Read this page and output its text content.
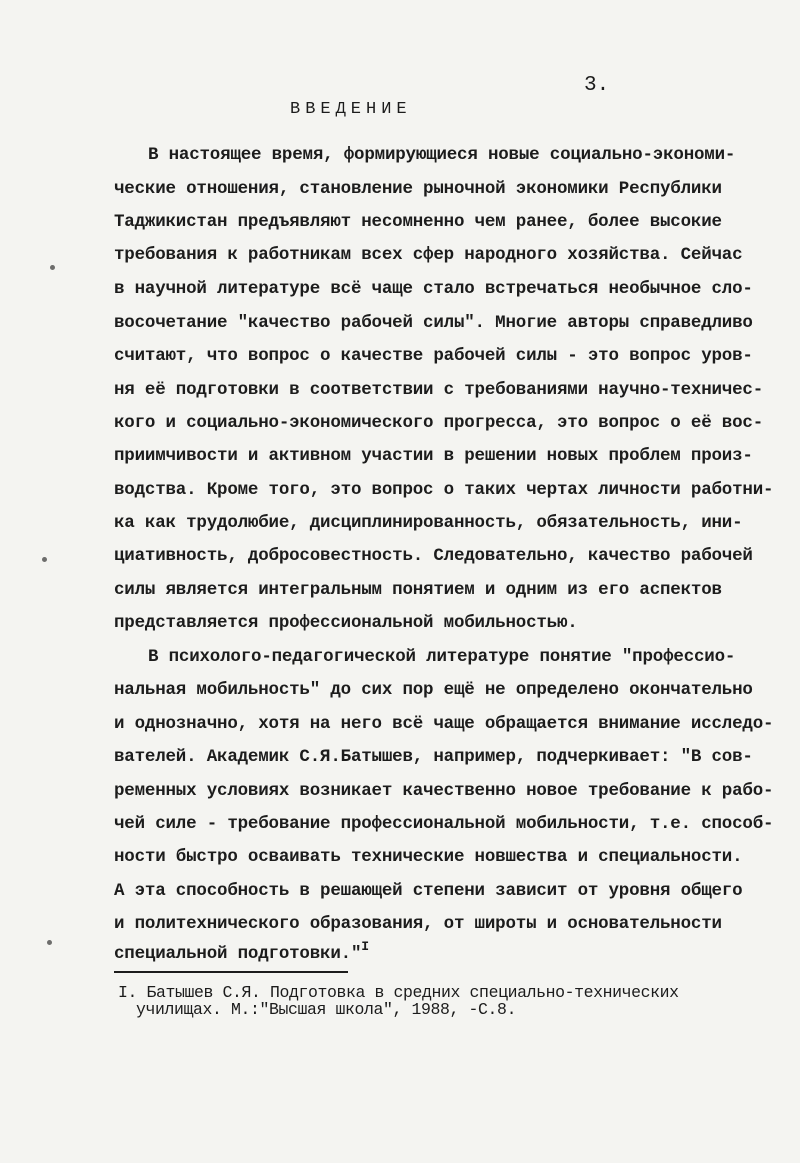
3.
ВВЕДЕНИЕ
В настоящее время, формирующиеся новые социально-экономи-
ческие отношения, становление рыночной экономики Республики
Таджикистан предъявляют несомненно чем ранее, более высокие
требования к работникам всех сфер народного хозяйства. Сейчас
в научной литературе всё чаще стало встречаться необычное сло-
восочетание "качество рабочей силы". Многие авторы справедливо
считают, что вопрос о качестве рабочей силы - это вопрос уров-
ня её подготовки в соответствии с требованиями научно-техничес-
кого и социально-экономического прогресса, это вопрос о её вос-
приимчивости и активном участии в решении новых проблем произ-
водства. Кроме того, это вопрос о таких чертах личности работни-
ка как трудолюбие, дисциплинированность, обязательность, ини-
циативность, добросовестность. Следовательно, качество рабочей
силы является интегральным понятием и одним из его аспектов
представляется профессиональной мобильностью.
В психолого-педагогической литературе понятие "профессио-
нальная мобильность" до сих пор ещё не определено окончательно
и однозначно, хотя на него всё чаще обращается внимание исследо-
вателей. Академик С.Я.Батышев, например, подчеркивает: "В сов-
ременных условиях возникает качественно новое требование к рабо-
чей силе - требование профессиональной мобильности, т.е. способ-
ности быстро осваивать технические новшества и специальности.
А эта способность в решающей степени зависит от уровня общего
и политехнического образования, от широты и основательности
специальной подготовки."$^I$
I. Батышев С.Я. Подготовка в средних специально-технических
училищах. М.:"Высшая школа", 1988, -С.8.
